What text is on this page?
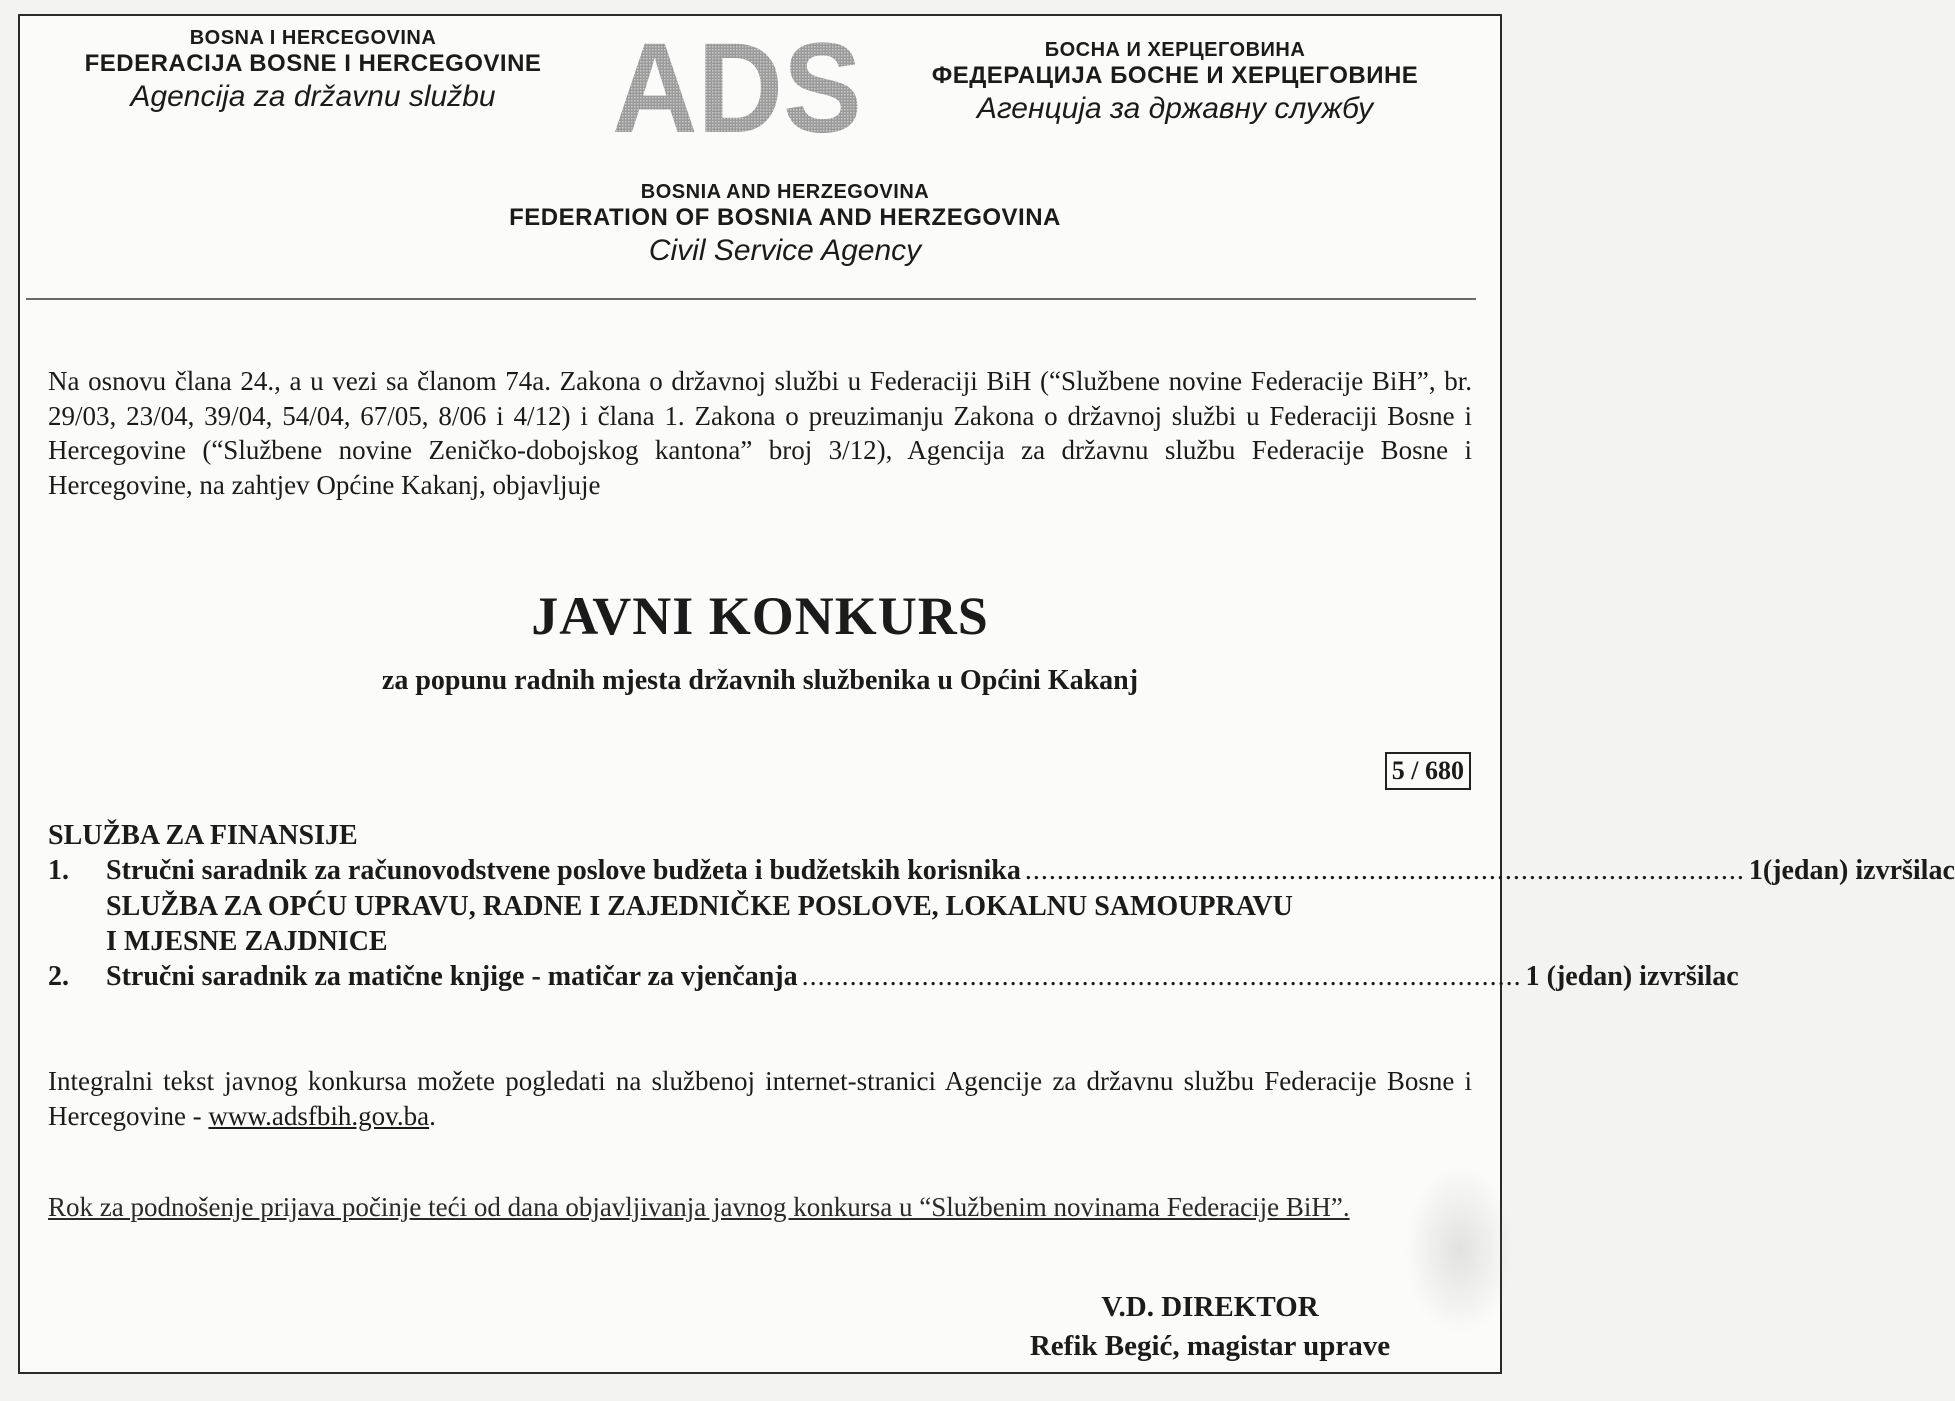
BOSNA I HERCEGOVINA
FEDERACIJA BOSNE I HERCEGOVINE
Agencija za državnu službu ADS	БОСНА И ХЕРЦЕГОВИНА
ФЕДЕРАЦИЈА БОСНЕ И ХЕРЦЕГОВИНЕ
Агенција за државну службу
BOSNIA AND HERZEGOVINA
FEDERATION OF BOSNIA AND HERZEGOVINA
Civil Service Agency
Na osnovu člana 24., a u vezi sa članom 74a. Zakona o državnoj službi u Federaciji BiH (“Službene novine Federacije BiH”, br. 29/03, 23/04, 39/04, 54/04, 67/05, 8/06 i 4/12) i člana 1. Zakona o preuzimanju Zakona o državnoj službi u Federaciji Bosne i Hercegovine (“Službene novine Zeničko-dobojskog kantona” broj 3/12), Agencija za državnu službu Federacije Bosne i Hercegovine, na zahtjev Općine Kakanj, objavljuje
JAVNI KONKURS
za popunu radnih mjesta državnih službenika u Općini Kakanj
5 / 680
SLUŽBA ZA FINANSIJE
1.	Stručni saradnik za računovodstvene poslove budžeta i budžetskih korisnika .......................................................................................... 1(jedan) izvršilac
SLUŽBA ZA OPĆU UPRAVU, RADNE I ZAJEDNIČKE POSLOVE, LOKALNU SAMOUPRAVU
I MJESNE ZAJDNICE
2.	Stručni saradnik za matične knjige - matičar za vjenčanja .......................................................................................... 1 (jedan) izvršilac
Integralni tekst javnog konkursa možete pogledati na službenoj internet-stranici Agencije za državnu službu Federacije Bosne i Hercegovine - www.adsfbih.gov.ba.
Rok za podnošenje prijava počinje teći od dana objavljivanja javnog konkursa u “Službenim novinama Federacije BiH”.
V.D. DIREKTOR
Refik Begić, magistar uprave
